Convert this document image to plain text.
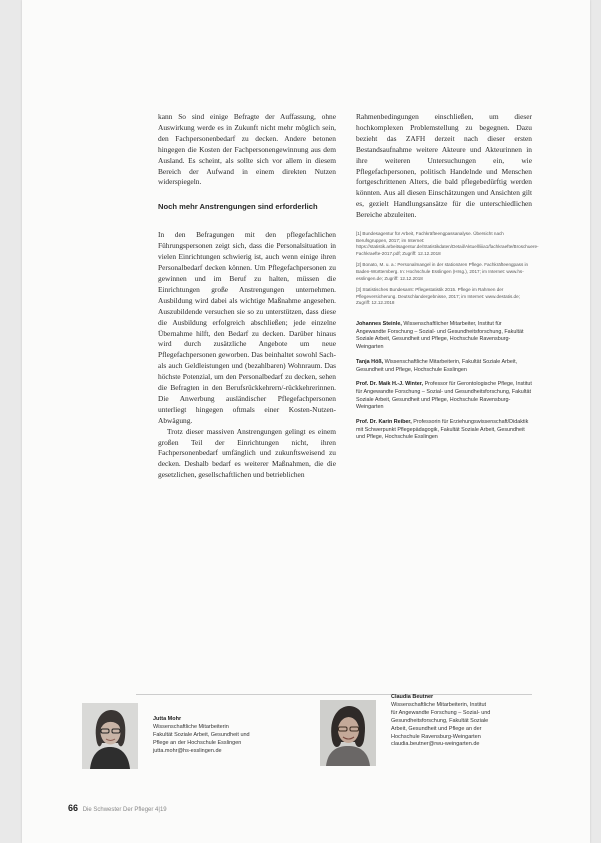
kann So sind einige Befragte der Auffassung, ohne Auswirkung werde es in Zukunft nicht mehr möglich sein, den Fachpersonenbedarf zu decken. Andere betonen hingegen die Kosten der Fachpersonengewinnung aus dem Ausland. Es scheint, als sollte sich vor allem in diesem Bereich der Aufwand in einem direkten Nutzen widerspiegeln.

Noch mehr Anstrengungen sind erforderlich

In den Befragungen mit den pflegefachlichen Führungspersonen zeigt sich, dass die Personalsituation in vielen Einrichtungen schwierig ist, auch wenn einige ihren Personalbedarf decken können. Um Pflegefachpersonen zu gewinnen und im Beruf zu halten, müssen die Einrichtungen große Anstrengungen unternehmen. Ausbildung wird dabei als wichtige Maßnahme angesehen. Auszubildende versuchen sie so zu unterstützen, dass diese die Ausbildung erfolgreich abschließen; jede einzelne Übernahme hilft, den Bedarf zu decken. Darüber hinaus wird durch zusätzliche Angebote um neue Pflegefachpersonen geworben. Das beinhaltet sowohl Sach- als auch Geldleistungen und (bezahlbaren) Wohnraum. Das höchste Potenzial, um den Personalbedarf zu decken, sehen die Befragten in den Berufsrückkehrern/-rückkehrerinnen. Die Anwerbung ausländischer Pflegefachpersonen unterliegt hingegen oftmals einer Kosten-Nutzen-Abwägung.

Trotz dieser massiven Anstrengungen gelingt es einem großen Teil der Einrichtungen nicht, ihren Fachpersonenbedarf umfänglich und zukunftsweisend zu decken. Deshalb bedarf es weiterer Maßnahmen, die die gesetzlichen, gesellschaftlichen und betrieblichen

Rahmenbedingungen einschließen, um dieser hochkomplexen Problemstellung zu begegnen. Dazu bezieht das ZAFH derzeit nach dieser ersten Bestandsaufnahme weitere Akteure und Akteurinnen in ihre weiteren Untersuchungen ein, wie Pflegefachpersonen, politisch Handelnde und Menschen fortgeschrittenen Alters, die bald pflegebedürftig werden könnten. Aus all diesen Einschätzungen und Ansichten gilt es, gezielt Handlungsansätze für die unterschiedlichen Bereiche abzuleiten.

[1] Bundesagentur für Arbeit, Fachkräfteengpassanalyse. Übersicht nach Berufsgruppen, 2017; im Internet: https://statistik.arbeitsagentur.de/Statistikdaten/Detail/Aktuell/iiia1/fachkraefte/Broschuere-Fachkraefte-2017.pdf; Zugriff: 12.12.2018
[2] Bonato, M. u. a.: Personalmangel in der stationären Pflege. Fachkräfteengpass in Baden-Württemberg. In: Hochschule Esslingen (Hrsg.), 2017; im Internet: www.hs-esslingen.de; Zugriff: 12.12.2018
[3] Statistisches Bundesamt: Pflegestatistik 2015. Pflege im Rahmen der Pflegeversicherung. Deutschlandergebnisse, 2017; im Internet: www.destatis.de; Zugriff: 12.12.2018
Johannes Steinle, Wissenschaftlicher Mitarbeiter, Institut für Angewandte Forschung – Sozial- und Gesundheitsforschung, Fakultät Soziale Arbeit, Gesundheit und Pflege, Hochschule Ravensburg-Weingarten
Tanja Höß, Wissenschaftliche Mitarbeiterin, Fakultät Soziale Arbeit, Gesundheit und Pflege, Hochschule Esslingen
Prof. Dr. Maik H.-J. Winter, Professor für Gerontologische Pflege, Institut für Angewandte Forschung – Sozial- und Gesundheitsforschung, Fakultät Soziale Arbeit, Gesundheit und Pflege, Hochschule Ravensburg-Weingarten
Prof. Dr. Karin Reiber, Professorin für Erziehungswissenschaft/Didaktik mit Schwerpunkt Pflegepädagogik, Fakultät Soziale Arbeit, Gesundheit und Pflege, Hochschule Esslingen
Jutta Mohr
Wissenschaftliche Mitarbeiterin
Fakultät Soziale Arbeit, Gesundheit und
Pflege an der Hochschule Esslingen
jutta.mohr@hs-esslingen.de
Claudia Beutner
Wissenschaftliche Mitarbeiterin, Institut
für Angewandte Forschung – Sozial- und
Gesundheitsforschung, Fakultät Soziale
Arbeit, Gesundheit und Pflege an der
Hochschule Ravensburg-Weingarten
claudia.beutner@rwu-weingarten.de
66 Die Schwester Der Pfleger 4|19
